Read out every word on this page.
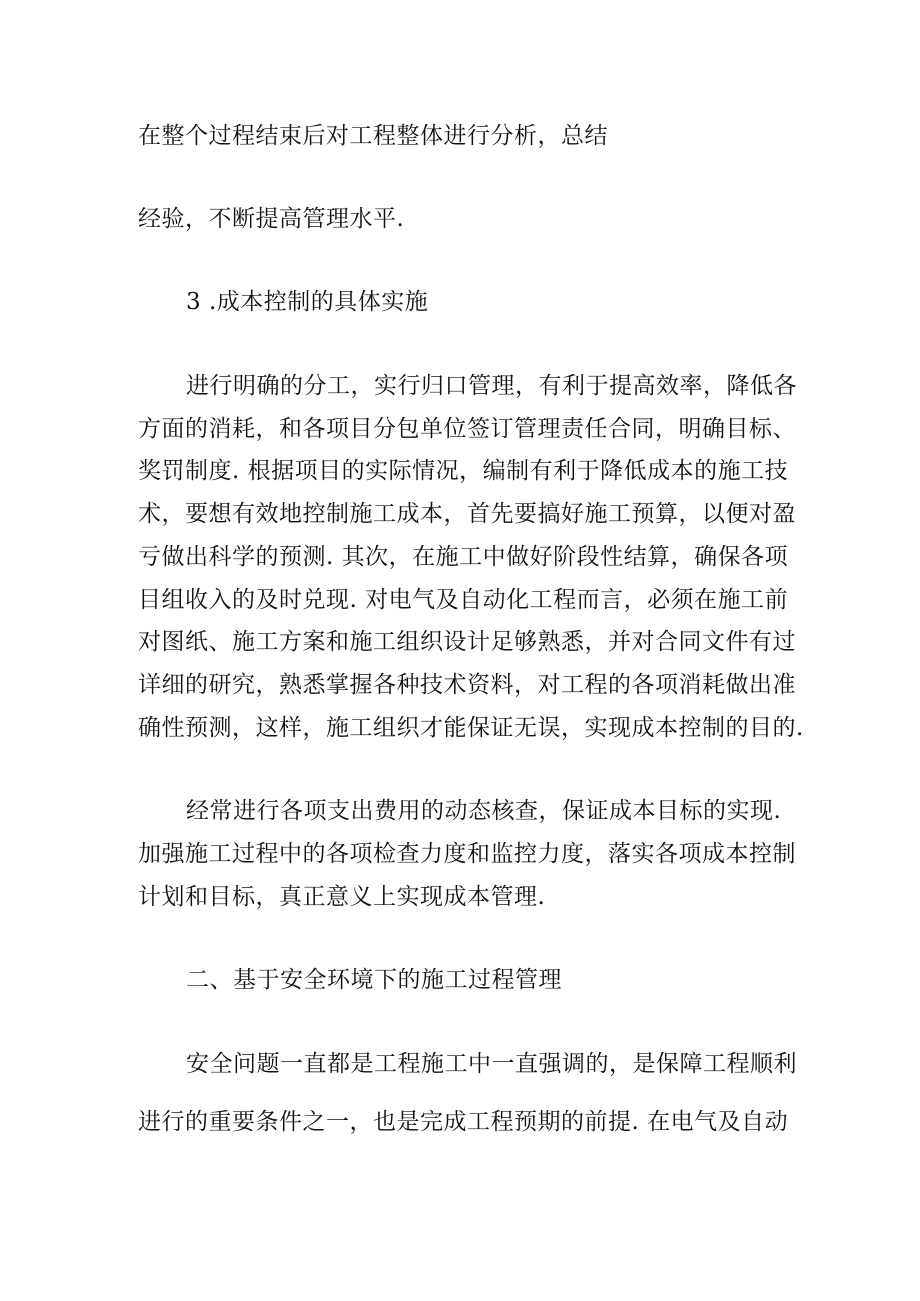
在整个过程结束后对工程整体进行分析，总结
经验，不断提高管理水平.
3 .成本控制的具体实施
进行明确的分工，实行归口管理，有利于提高效率，降低各
方面的消耗，和各项目分包单位签订管理责任合同，明确目标、
奖罚制度. 根据项目的实际情况，编制有利于降低成本的施工技
术，要想有效地控制施工成本，首先要搞好施工预算，以便对盈
亏做出科学的预测. 其次，在施工中做好阶段性结算，确保各项
目组收入的及时兑现. 对电气及自动化工程而言，必须在施工前
对图纸、施工方案和施工组织设计足够熟悉，并对合同文件有过
详细的研究，熟悉掌握各种技术资料，对工程的各项消耗做出准
确性预测，这样，施工组织才能保证无误，实现成本控制的目的.
经常进行各项支出费用的动态核查，保证成本目标的实现.
加强施工过程中的各项检查力度和监控力度，落实各项成本控制
计划和目标，真正意义上实现成本管理.
二、基于安全环境下的施工过程管理
安全问题一直都是工程施工中一直强调的，是保障工程顺利
进行的重要条件之一，也是完成工程预期的前提. 在电气及自动
